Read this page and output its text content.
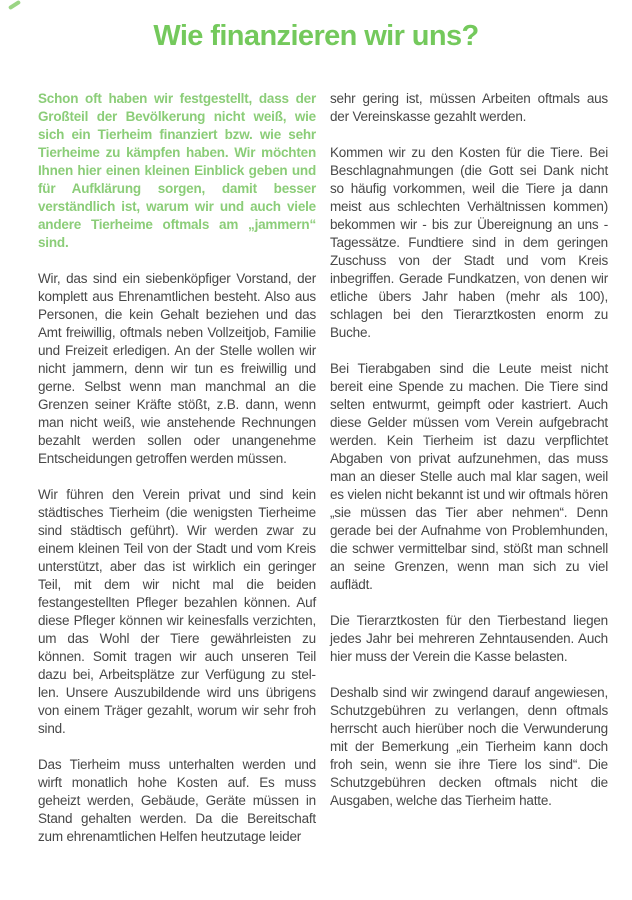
Wie finanzieren wir uns?

Schon oft haben wir festgestellt, dass der Großteil der Bevölkerung nicht weiß, wie sich ein Tierheim finanziert bzw. wie sehr Tierheime zu kämpfen haben. Wir möchten Ihnen hier einen kleinen Einblick geben und für Aufklärung sorgen, damit besser verständlich ist, warum wir und auch viele andere Tierheime oftmals am „jammern“ sind.

Wir, das sind ein siebenköpfiger Vorstand, der komplett aus Ehrenamtlichen besteht. Also aus Personen, die kein Gehalt beziehen und das Amt freiwillig, oftmals neben Vollzeitjob, Familie und Freizeit erledigen. An der Stelle wollen wir nicht jammern, denn wir tun es freiwillig und gerne. Selbst wenn man manchmal an die Grenzen seiner Kräfte stößt, z.B. dann, wenn man nicht weiß, wie anstehende Rechnungen bezahlt werden sollen oder unangenehme Entscheidungen getroffen werden müssen.

Wir führen den Verein privat und sind kein städtisches Tierheim (die wenigsten Tierheime sind städtisch geführt). Wir werden zwar zu einem kleinen Teil von der Stadt und vom Kreis unterstützt, aber das ist wirklich ein geringer Teil, mit dem wir nicht mal die beiden festangestellten Pfleger bezahlen können. Auf diese Pfleger können wir keinesfalls verzichten, um das Wohl der Tiere gewährleisten zu können. Somit tragen wir auch unseren Teil dazu bei, Arbeitsplätze zur Verfügung zu stellen. Unsere Auszubildende wird uns übrigens von einem Träger gezahlt, worum wir sehr froh sind.

Das Tierheim muss unterhalten werden und wirft monatlich hohe Kosten auf. Es muss geheizt werden, Gebäude, Geräte müssen in Stand gehalten werden. Da die Bereitschaft zum ehrenamtlichen Helfen heutzutage leider

sehr gering ist, müssen Arbeiten oftmals aus der Vereinskasse gezahlt werden.

Kommen wir zu den Kosten für die Tiere. Bei Beschlagnahmungen (die Gott sei Dank nicht so häufig vorkommen, weil die Tiere ja dann meist aus schlechten Verhältnissen kommen) bekommen wir - bis zur Übereignung an uns - Tagessätze. Fundtiere sind in dem geringen Zuschuss von der Stadt und vom Kreis inbegriffen. Gerade Fundkatzen, von denen wir etliche übers Jahr haben (mehr als 100), schlagen bei den Tierarztkosten enorm zu Buche.

Bei Tierabgaben sind die Leute meist nicht bereit eine Spende zu machen. Die Tiere sind selten entwurmt, geimpft oder kastriert. Auch diese Gelder müssen vom Verein aufgebracht werden. Kein Tierheim ist dazu verpflichtet Abgaben von privat aufzunehmen, das muss man an dieser Stelle auch mal klar sagen, weil es vielen nicht bekannt ist und wir oftmals hören „sie müssen das Tier aber nehmen“. Denn gerade bei der Aufnahme von Problemhunden, die schwer vermittelbar sind, stößt man schnell an seine Grenzen, wenn man sich zu viel auflädt.

Die Tierarztkosten für den Tierbestand liegen jedes Jahr bei mehreren Zehntausenden. Auch hier muss der Verein die Kasse belasten.

Deshalb sind wir zwingend darauf angewiesen, Schutzgebühren zu verlangen, denn oftmals herrscht auch hierüber noch die Verwunderung mit der Bemerkung „ein Tierheim kann doch froh sein, wenn sie ihre Tiere los sind“. Die Schutzgebühren decken oftmals nicht die Ausgaben, welche das Tierheim hatte.
